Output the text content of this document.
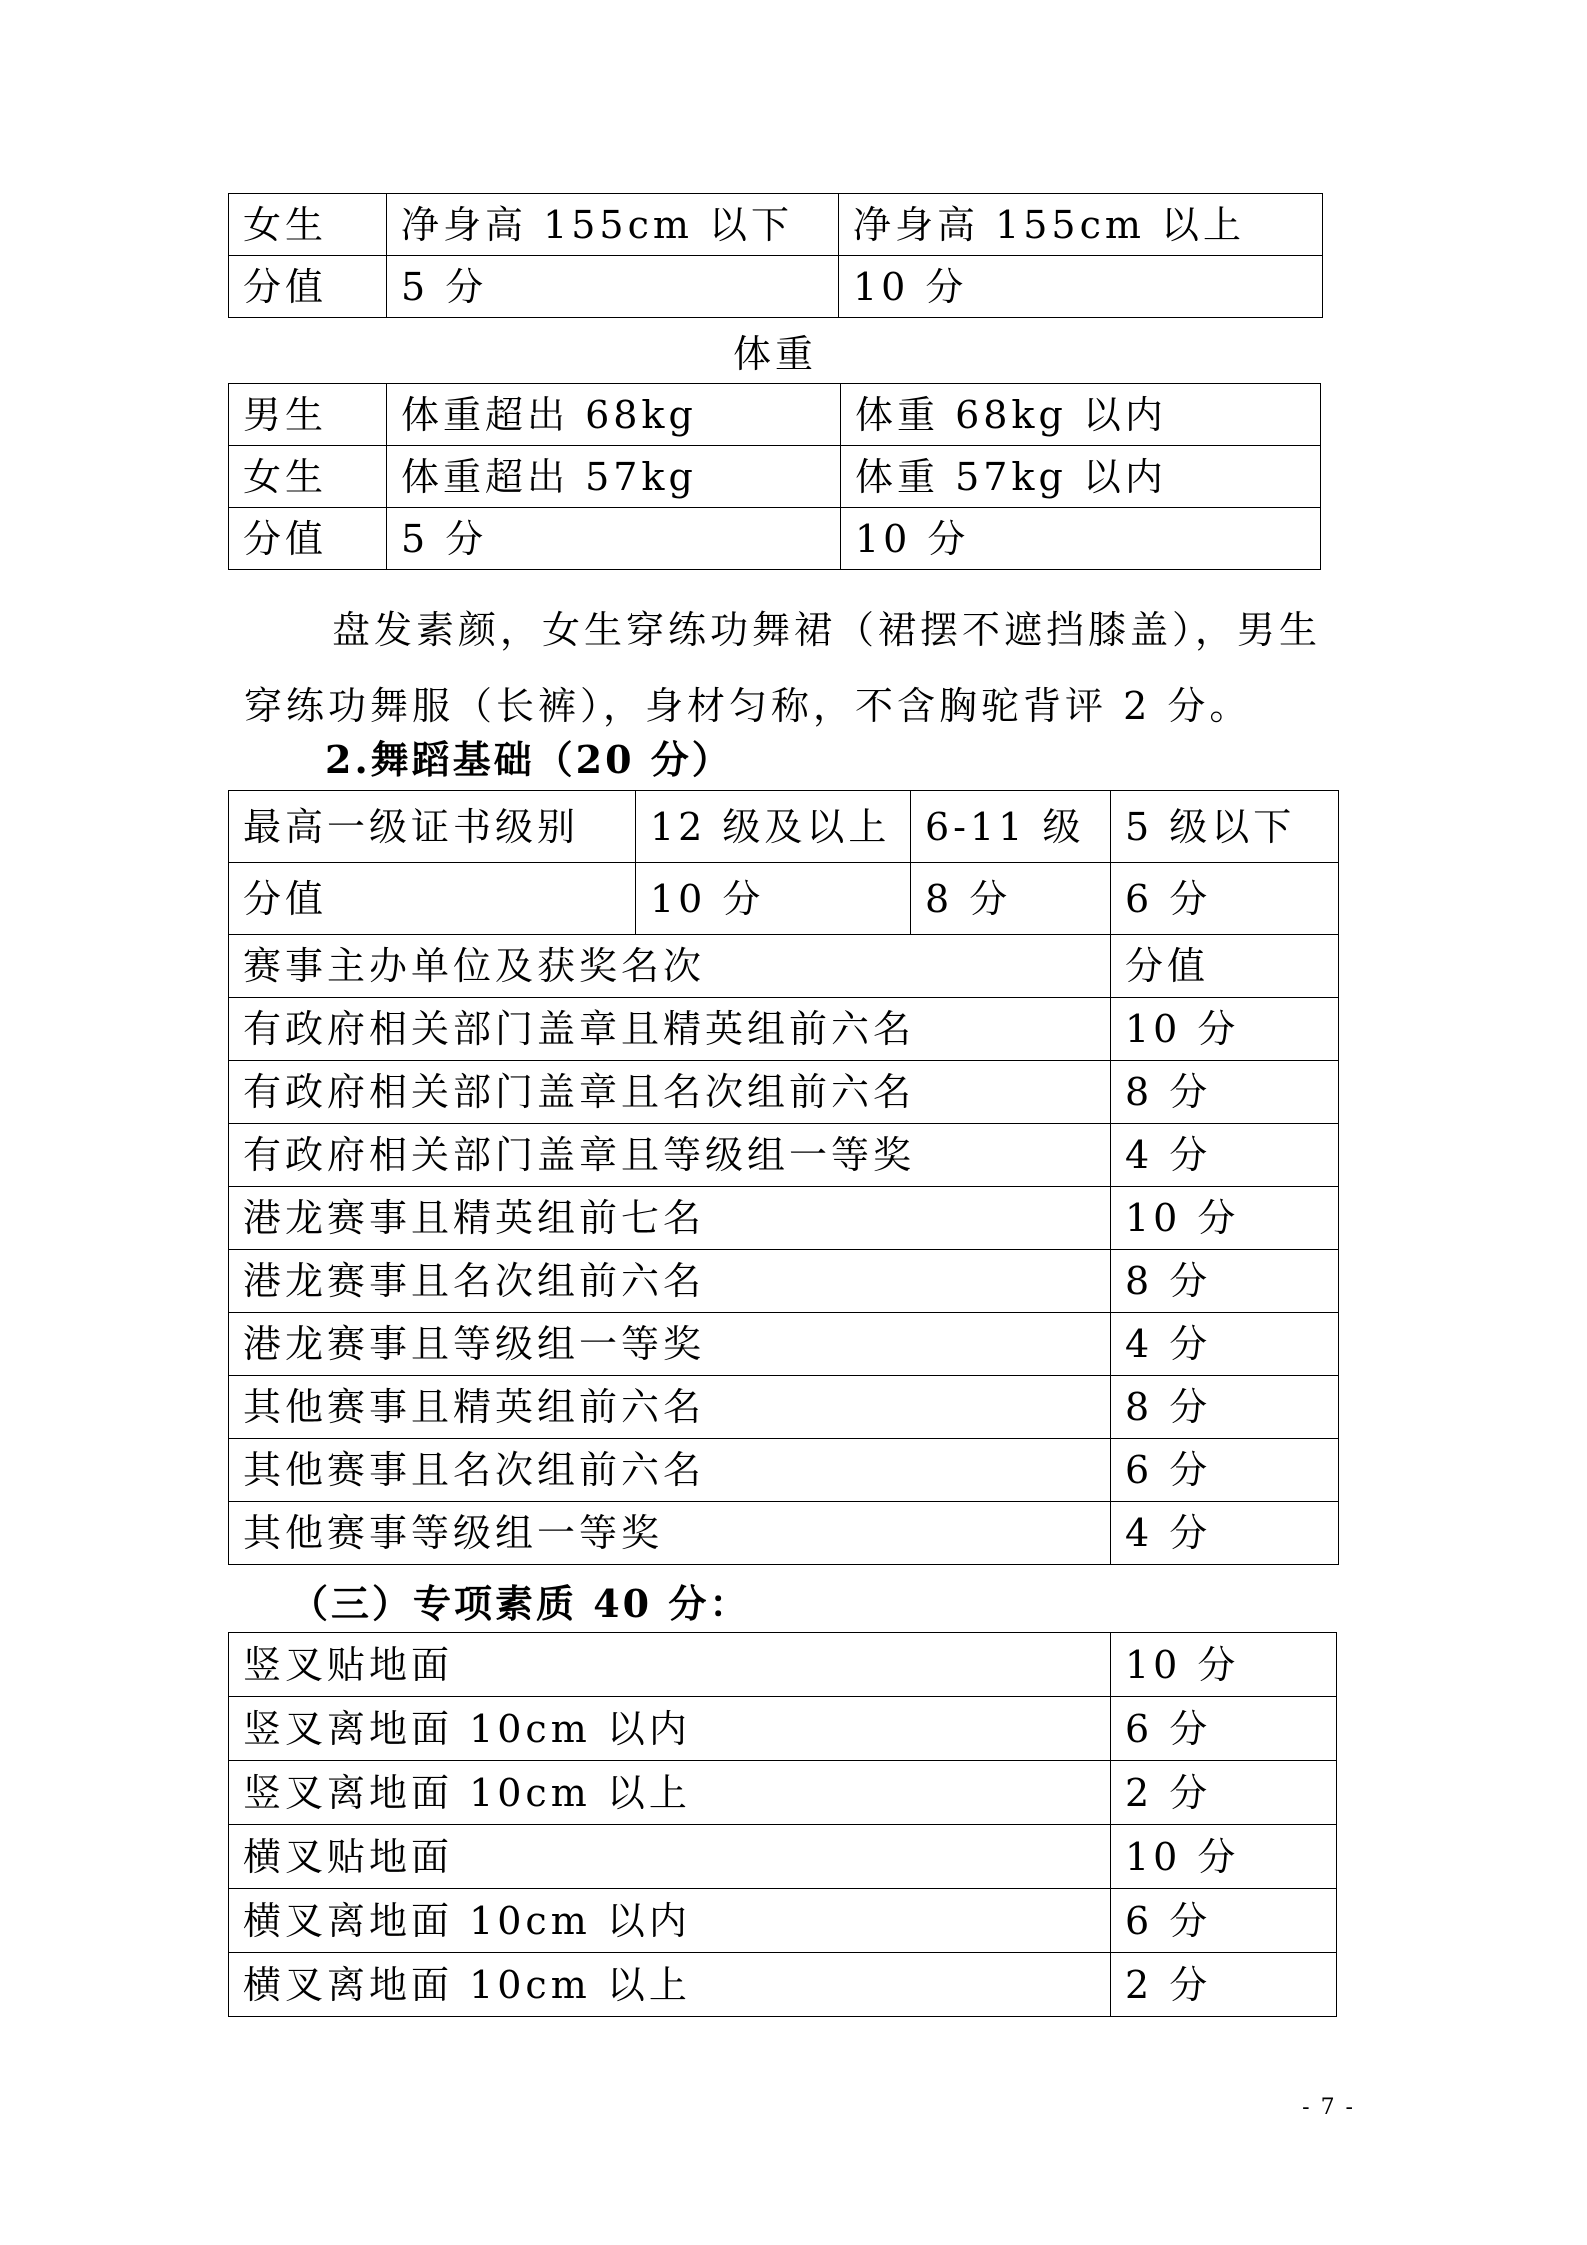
女生	净身高 155cm 以下	净身高 155cm 以上
分值	5 分	10 分
体重
男生	体重超出 68kg	体重 68kg 以内
女生	体重超出 57kg	体重 57kg 以内
分值	5 分	10 分
盘发素颜，女生穿练功舞裙（裙摆不遮挡膝盖），男生
穿练功舞服（长裤），身材匀称，不含胸驼背评 2 分。
2.舞蹈基础（20 分）
最高一级证书级别	12 级及以上	6-11 级	5 级以下
分值	10 分	8 分	6 分
赛事主办单位及获奖名次	分值
有政府相关部门盖章且精英组前六名	10 分
有政府相关部门盖章且名次组前六名	8 分
有政府相关部门盖章且等级组一等奖	4 分
港龙赛事且精英组前七名	10 分
港龙赛事且名次组前六名	8 分
港龙赛事且等级组一等奖	4 分
其他赛事且精英组前六名	8 分
其他赛事且名次组前六名	6 分
其他赛事等级组一等奖	4 分
（三）专项素质 40 分：
竖叉贴地面	10 分
竖叉离地面 10cm 以内	6 分
竖叉离地面 10cm 以上	2 分
横叉贴地面	10 分
横叉离地面 10cm 以内	6 分
横叉离地面 10cm 以上	2 分
- 7 -
